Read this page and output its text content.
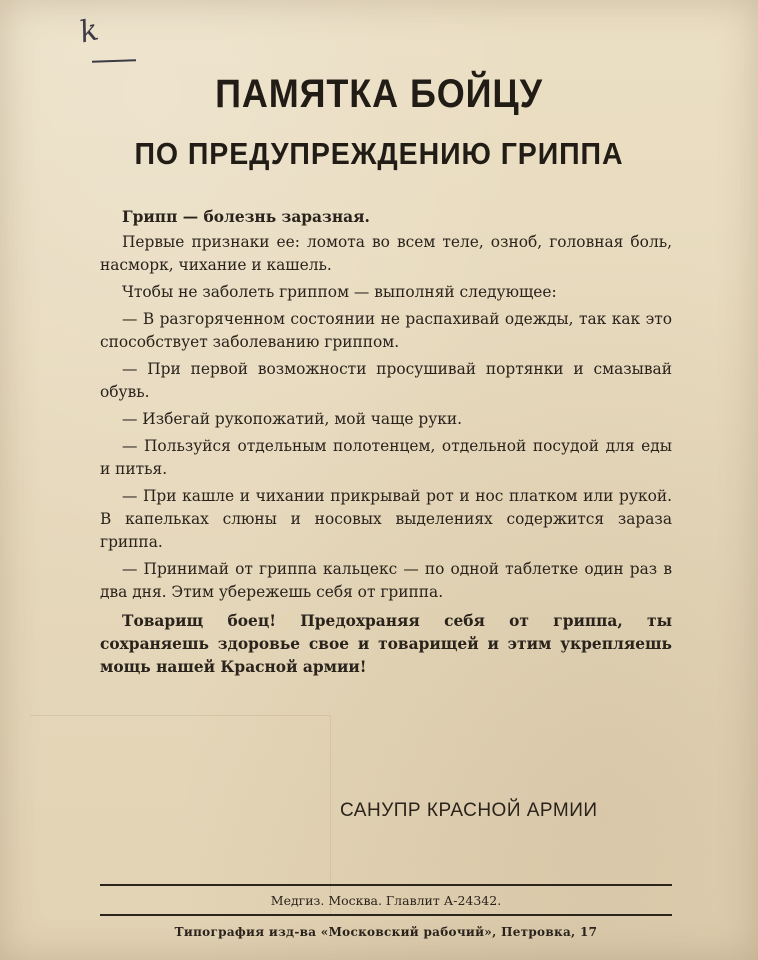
k
ПАМЯТКА БОЙЦУ
ПО ПРЕДУПРЕЖДЕНИЮ ГРИППА

Грипп — болезнь заразная.

Первые признаки ее: ломота во всем теле, озноб, головная боль, насморк, чихание и кашель.

Чтобы не заболеть гриппом — выполняй следующее:

— В разгоряченном состоянии не распахивай одежды, так как это способствует заболеванию гриппом.

— При первой возможности просушивай портянки и смазывай обувь.

— Избегай рукопожатий, мой чаще руки.

— Пользуйся отдельным полотенцем, отдельной посудой для еды и питья.

— При кашле и чихании прикрывай рот и нос платком или рукой. В капельках слюны и носовых выделениях содержится зараза гриппа.

— Принимай от гриппа кальцекс — по одной таблетке один раз в два дня. Этим убережешь себя от гриппа.

Товарищ боец! Предохраняя себя от гриппа, ты сохраняешь здоровье свое и товарищей и этим укрепляешь мощь нашей Красной армии!

САНУПР КРАСНОЙ АРМИИ
Медгиз. Москва. Главлит А-24342.
Типография изд-ва «Московский рабочий», Петровка, 17
